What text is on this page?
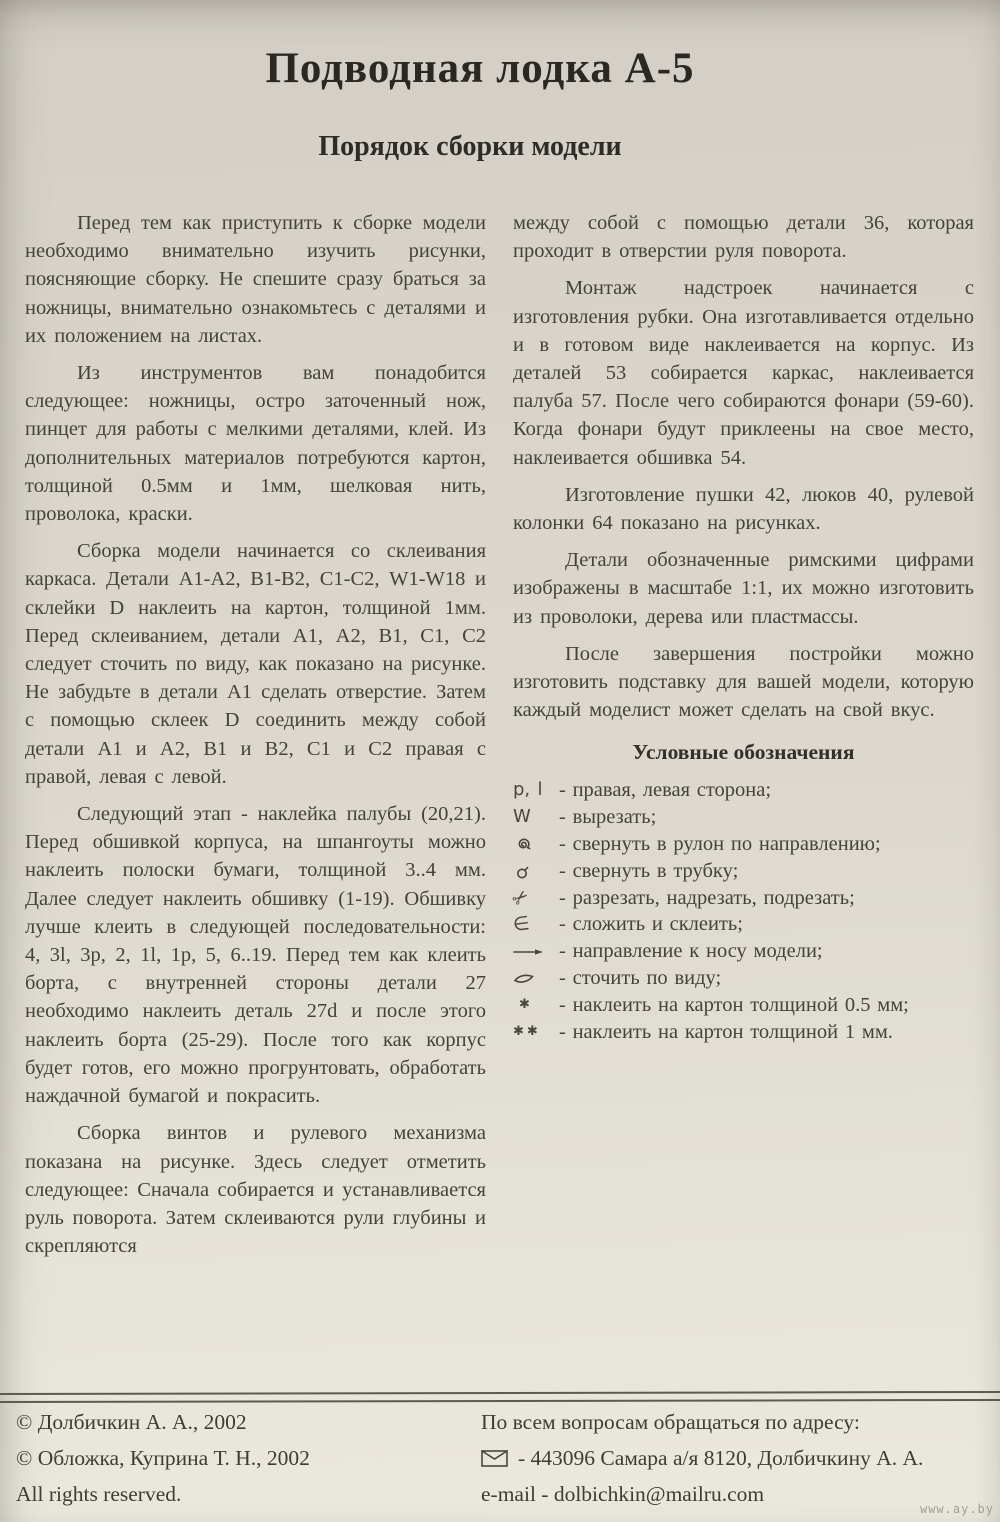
Подводная лодка А-5
Порядок сборки модели

Перед тем как приступить к сборке модели необходимо внимательно изучить рисунки, поясняющие сборку. Не спешите сразу браться за ножницы, внимательно ознакомьтесь с деталями и их положением на листах.

Из инструментов вам понадобится следующее: ножницы, остро заточенный нож, пинцет для работы с мелкими деталями, клей. Из дополнительных материалов потребуются картон, толщиной 0.5мм и 1мм, шелковая нить, проволока, краски.

Сборка модели начинается со склеивания каркаса. Детали А1-А2, В1-В2, С1-С2, W1-W18 и склейки D наклеить на картон, толщиной 1мм. Перед склеиванием, детали А1, А2, В1, С1, С2 следует сточить по виду, как показано на рисунке. Не забудьте в детали А1 сделать отверстие. Затем с помощью склеек D соединить между собой детали А1 и А2, В1 и В2, С1 и С2 правая с правой, левая с левой.

Следующий этап - наклейка палубы (20,21). Перед обшивкой корпуса, на шпангоуты можно наклеить полоски бумаги, толщиной 3..4 мм. Далее следует наклеить обшивку (1-19). Обшивку лучше клеить в следующей последовательности: 4, 3l, 3p, 2, 1l, 1p, 5, 6..19. Перед тем как клеить борта, с внутренней стороны детали 27 необходимо наклеить деталь 27d и после этого наклеить борта (25-29). После того как корпус будет готов, его можно прогрунтовать, обработать наждачной бумагой и покрасить.

Сборка винтов и рулевого механизма показана на рисунке. Здесь следует отметить следующее: Сначала собирается и устанавливается руль поворота. Затем склеиваются рули глубины и скрепляются

между собой с помощью детали 36, которая проходит в отверстии руля поворота.

Монтаж надстроек начинается с изготовления рубки. Она изготавливается отдельно и в готовом виде наклеивается на корпус. Из деталей 53 собирается каркас, наклеивается палуба 57. После чего собираются фонари (59-60). Когда фонари будут приклеены на свое место, наклеивается обшивка 54.

Изготовление пушки 42, люков 40, рулевой колонки 64 показано на рисунках.

Детали обозначенные римскими цифрами изображены в масштабе 1:1, их можно изготовить из проволоки, дерева или пластмассы.

После завершения постройки можно изготовить подставку для вашей модели, которую каждый моделист может сделать на свой вкус.

Условные обозначения
p, l - правая, левая сторона;
W	- вырезать;
- свернуть в рулон по направлению;
- свернуть в трубку;
✂ - разрезать, надрезать, подрезать;
∈ - сложить и склеить;
- направление к носу модели;
- сточить по виду;
✱ - наклеить на картон толщиной 0.5 мм;
✱✱ - наклеить на картон толщиной 1 мм.
© Долбичкин А. А., 2002
© Обложка, Куприна Т. Н., 2002
All rights reserved.
По всем вопросам обращаться по адресу:
- 443096 Самара а/я 8120, Долбичкину А. А.
e-mail - dolbichkin@mailru.com
www.ay.by
